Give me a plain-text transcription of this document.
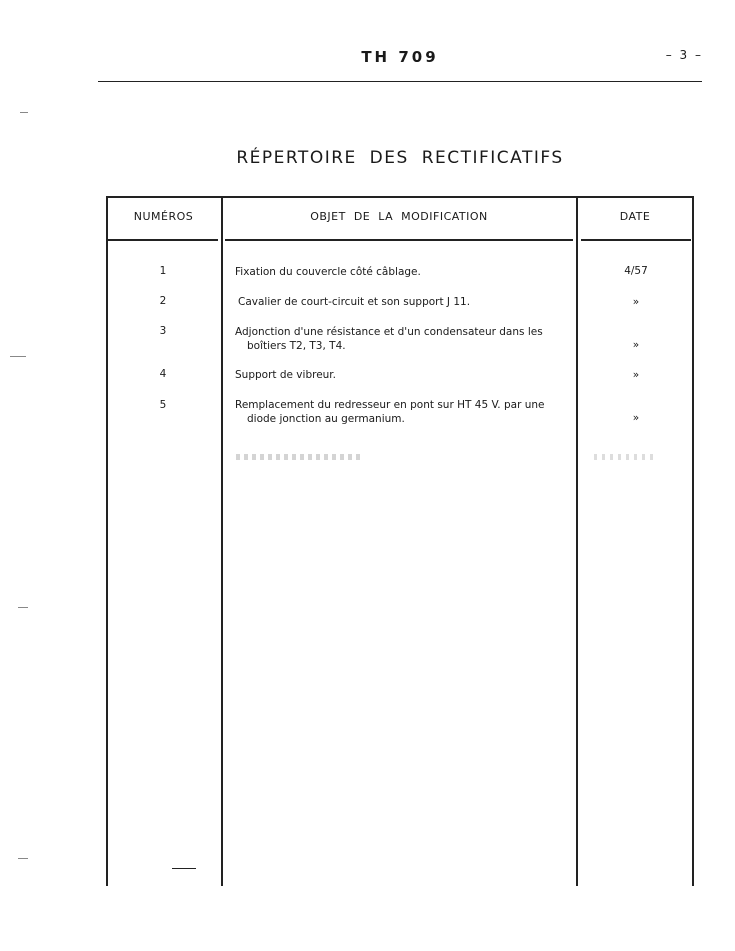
TH 709	– 3 –
RÉPERTOIRE DES RECTIFICATIFS
NUMÉROS	OBJET DE LA MODIFICATION	DATE
1	Fixation du couvercle côté câblage.	4/57
2	Cavalier de court-circuit et son support J 11.	»
3	Adjonction d'une résistance et d'un condensateur dans les
boîtiers T2, T3, T4.	»
4	Support de vibreur.	»
5	Remplacement du redresseur en pont sur HT 45 V. par une
diode jonction au germanium.	»
